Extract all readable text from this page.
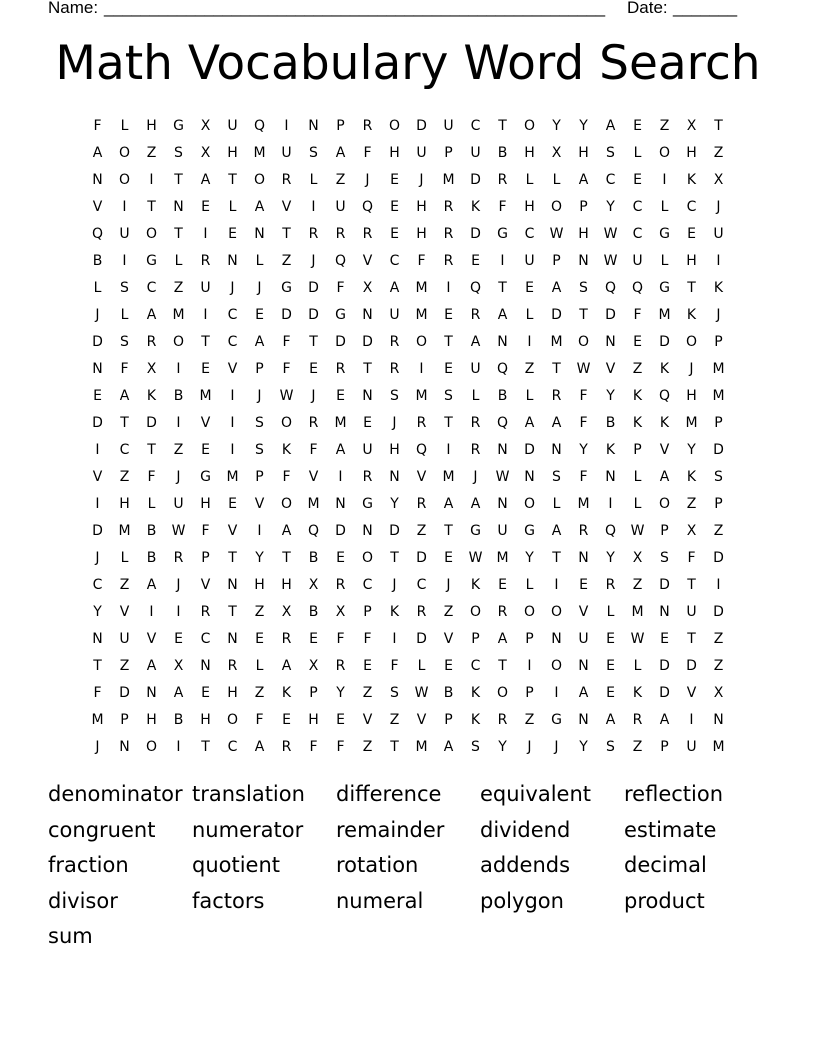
Name: _______________________________________________________ Date: _______
Math Vocabulary Word Search
F	L	H	G	X	U	Q	I	N	P	R	O	D	U	C	T	O	Y	Y	A	E	Z	X	T
A	O	Z	S	X	H	M	U	S	A	F	H	U	P	U	B	H	X	H	S	L	O	H	Z
N	O	I	T	A	T	O	R	L	Z	J	E	J	M	D	R	L	L	A	C	E	I	K	X
V	I	T	N	E	L	A	V	I	U	Q	E	H	R	K	F	H	O	P	Y	C	L	C	J
Q	U	O	T	I	E	N	T	R	R	R	E	H	R	D	G	C	W	H	W	C	G	E	U
B	I	G	L	R	N	L	Z	J	Q	V	C	F	R	E	I	U	P	N	W	U	L	H	I
L	S	C	Z	U	J	J	G	D	F	X	A	M	I	Q	T	E	A	S	Q	Q	G	T	K
J	L	A	M	I	C	E	D	D	G	N	U	M	E	R	A	L	D	T	D	F	M	K	J
D	S	R	O	T	C	A	F	T	D	D	R	O	T	A	N	I	M	O	N	E	D	O	P
N	F	X	I	E	V	P	F	E	R	T	R	I	E	U	Q	Z	T	W	V	Z	K	J	M
E	A	K	B	M	I	J	W	J	E	N	S	M	S	L	B	L	R	F	Y	K	Q	H	M
D	T	D	I	V	I	S	O	R	M	E	J	R	T	R	Q	A	A	F	B	K	K	M	P
I	C	T	Z	E	I	S	K	F	A	U	H	Q	I	R	N	D	N	Y	K	P	V	Y	D
V	Z	F	J	G	M	P	F	V	I	R	N	V	M	J	W	N	S	F	N	L	A	K	S
I	H	L	U	H	E	V	O	M	N	G	Y	R	A	A	N	O	L	M	I	L	O	Z	P
D	M	B	W	F	V	I	A	Q	D	N	D	Z	T	G	U	G	A	R	Q	W	P	X	Z
J	L	B	R	P	T	Y	T	B	E	O	T	D	E	W	M	Y	T	N	Y	X	S	F	D
C	Z	A	J	V	N	H	H	X	R	C	J	C	J	K	E	L	I	E	R	Z	D	T	I
Y	V	I	I	R	T	Z	X	B	X	P	K	R	Z	O	R	O	O	V	L	M	N	U	D
N	U	V	E	C	N	E	R	E	F	F	I	D	V	P	A	P	N	U	E	W	E	T	Z
T	Z	A	X	N	R	L	A	X	R	E	F	L	E	C	T	I	O	N	E	L	D	D	Z
F	D	N	A	E	H	Z	K	P	Y	Z	S	W	B	K	O	P	I	A	E	K	D	V	X
M	P	H	B	H	O	F	E	H	E	V	Z	V	P	K	R	Z	G	N	A	R	A	I	N
J	N	O	I	T	C	A	R	F	F	Z	T	M	A	S	Y	J	J	Y	S	Z	P	U	M
denominator translation difference equivalent reflection
congruent numerator remainder dividend	estimate
fraction	quotient	rotation	addends	decimal
divisor	factors	numeral	polygon	product
sum
